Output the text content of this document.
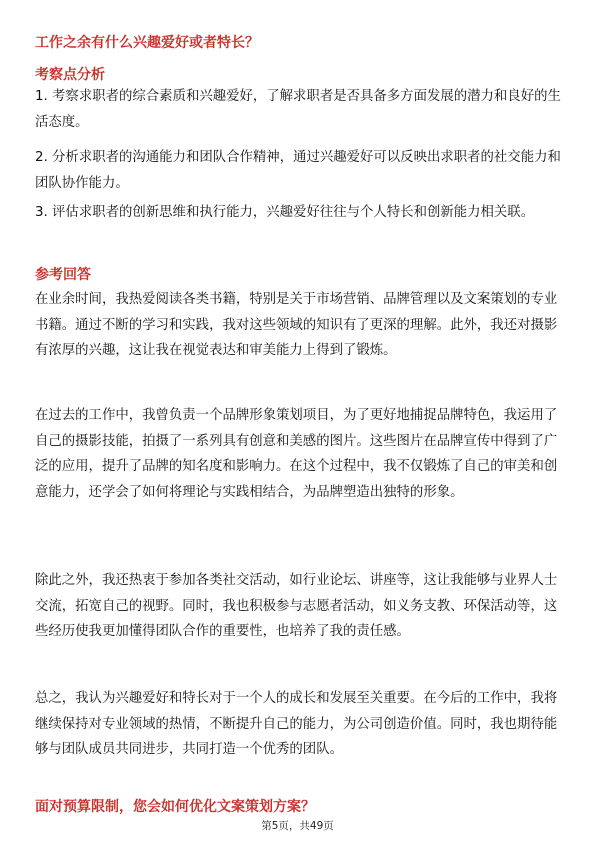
工作之余有什么兴趣爱好或者特长？
考察点分析

1. 考察求职者的综合素质和兴趣爱好，了解求职者是否具备多方面发展的潜力和良好的生活态度。

2. 分析求职者的沟通能力和团队合作精神，通过兴趣爱好可以反映出求职者的社交能力和团队协作能力。

3. 评估求职者的创新思维和执行能力，兴趣爱好往往与个人特长和创新能力相关联。

参考回答

在业余时间，我热爱阅读各类书籍，特别是关于市场营销、品牌管理以及文案策划的专业书籍。通过不断的学习和实践，我对这些领域的知识有了更深的理解。此外，我还对摄影有浓厚的兴趣，这让我在视觉表达和审美能力上得到了锻炼。

在过去的工作中，我曾负责一个品牌形象策划项目，为了更好地捕捉品牌特色，我运用了自己的摄影技能，拍摄了一系列具有创意和美感的图片。这些图片在品牌宣传中得到了广泛的应用，提升了品牌的知名度和影响力。在这个过程中，我不仅锻炼了自己的审美和创意能力，还学会了如何将理论与实践相结合，为品牌塑造出独特的形象。

除此之外，我还热衷于参加各类社交活动，如行业论坛、讲座等，这让我能够与业界人士交流，拓宽自己的视野。同时，我也积极参与志愿者活动，如义务支教、环保活动等，这些经历使我更加懂得团队合作的重要性，也培养了我的责任感。

总之，我认为兴趣爱好和特长对于一个人的成长和发展至关重要。在今后的工作中，我将继续保持对专业领域的热情，不断提升自己的能力，为公司创造价值。同时，我也期待能够与团队成员共同进步，共同打造一个优秀的团队。

面对预算限制，您会如何优化文案策划方案？
第5页，共49页
